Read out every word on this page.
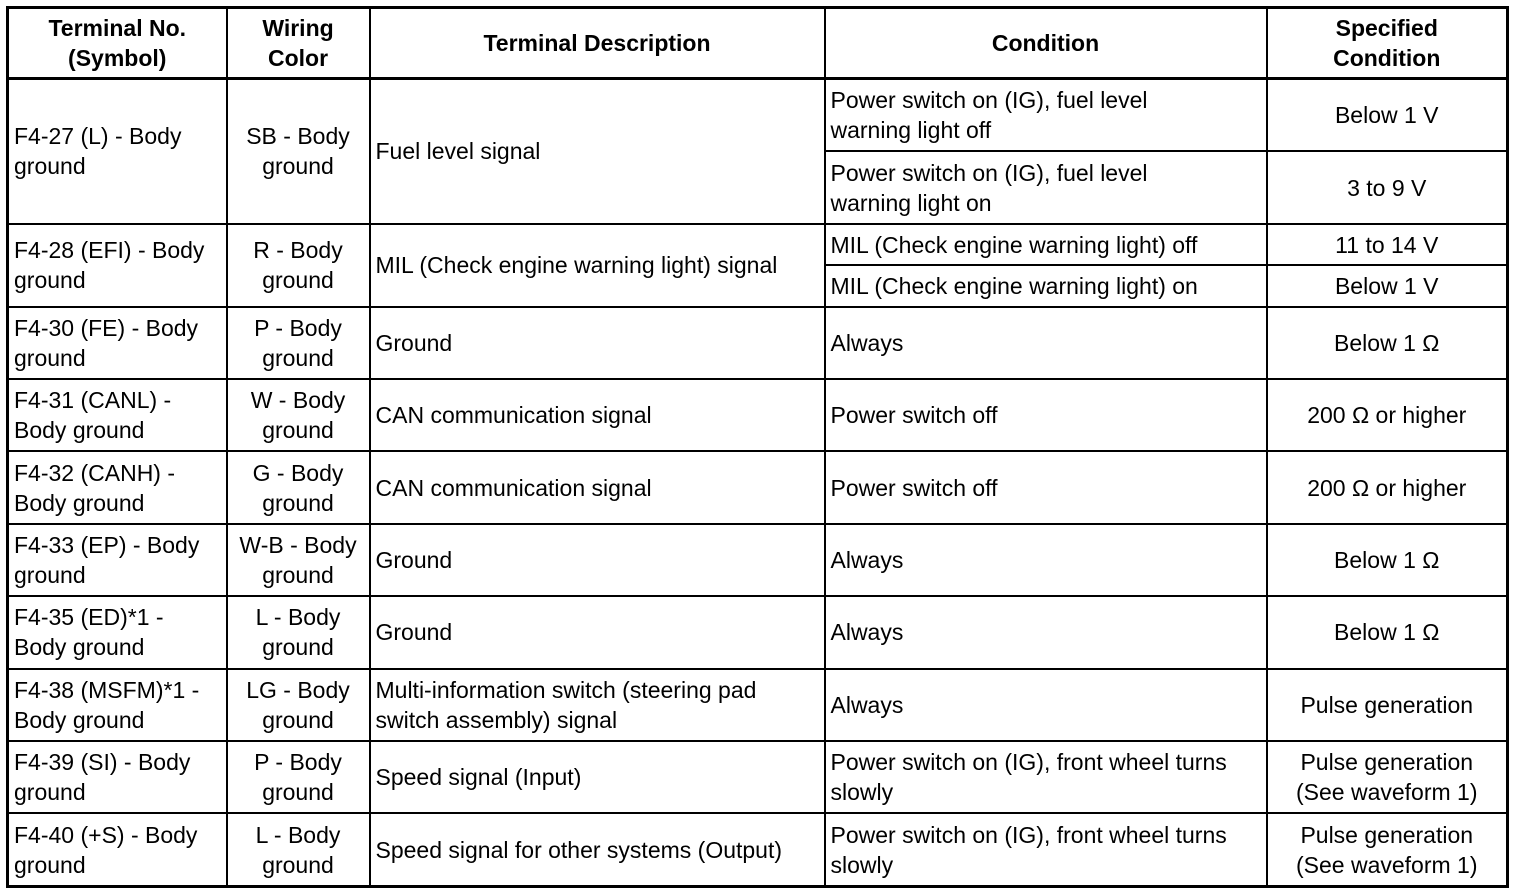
Terminal No.
(Symbol)	Wiring
Color	Terminal Description	Condition	Specified
Condition

F4-27 (L) - Body
ground	SB - Body
ground	Fuel level signal	Power switch on (IG), fuel level
warning light off	Below 1 V
			Power switch on (IG), fuel level
warning light on	3 to 9 V
F4-28 (EFI) - Body
ground	R - Body
ground	MIL (Check engine warning light) signal	MIL (Check engine warning light) off	11 to 14 V
			MIL (Check engine warning light) on	Below 1 V
F4-30 (FE) - Body
ground	P - Body
ground	Ground	Always	Below 1 Ω
F4-31 (CANL) -
Body ground	W - Body
ground	CAN communication signal	Power switch off	200 Ω or higher
F4-32 (CANH) -
Body ground	G - Body
ground	CAN communication signal	Power switch off	200 Ω or higher
F4-33 (EP) - Body
ground	W-B - Body
ground	Ground	Always	Below 1 Ω
F4-35 (ED)*1 -
Body ground	L - Body
ground	Ground	Always	Below 1 Ω
F4-38 (MSFM)*1 -
Body ground	LG - Body
ground	Multi-information switch (steering pad
switch assembly) signal	Always	Pulse generation
F4-39 (SI) - Body
ground	P - Body
ground	Speed signal (Input)	Power switch on (IG), front wheel turns
slowly	Pulse generation
(See waveform 1)
F4-40 (+S) - Body
ground	L - Body
ground	Speed signal for other systems (Output)	Power switch on (IG), front wheel turns
slowly	Pulse generation
(See waveform 1)
